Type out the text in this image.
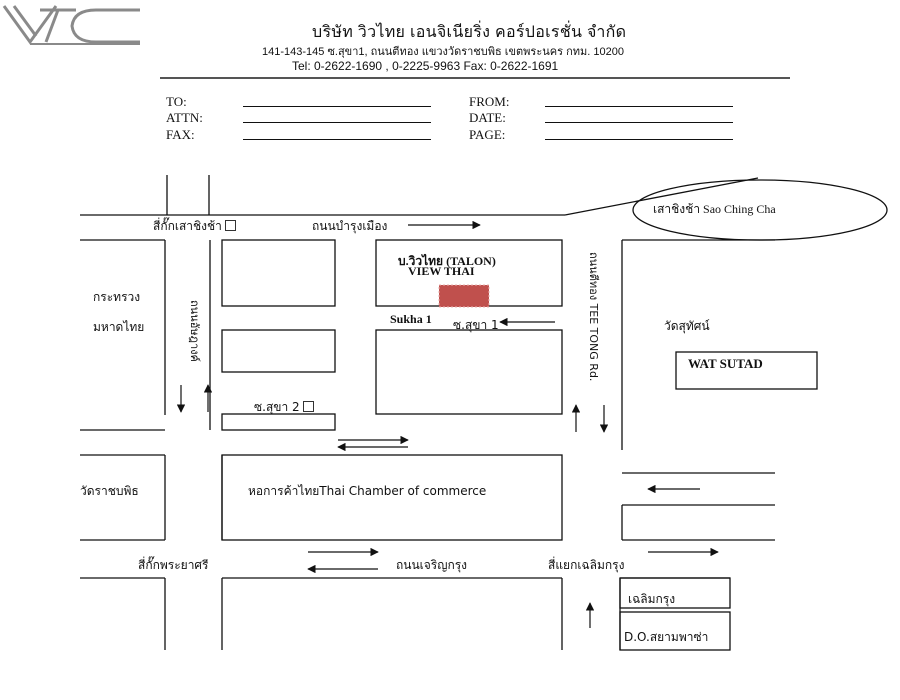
บริษัท วิวไทย เอนจิเนียริ่ง คอร์ปอเรชั่น จำกัด
141-143-145 ซ.สุขา1, ถนนตีทอง แขวงวัดราชบพิธ เขตพระนคร กทม. 10200
Tel: 0-2622-1690 , 0-2225-9963 Fax: 0-2622-1691
TO:
ATTN:
FAX:
FROM:
DATE:
PAGE:
เสาชิงช้า Sao Ching Cha
สี่กั๊กเสาชิงช้า	ถนนบำรุงเมือง
บ.วิวไทย (TALON)
VIEW THAI
Sukha 1 ซ.สุขา 1	ถนนตีทอง TEE TONG Rd.
ถนนอัษฎางค์
กระทรวง
มหาดไทย
ซ.สุขา 2
วัดสุทัศน์
WAT SUTAD
วัดราชบพิธ	หอการค้าไทยThai Chamber of commerce
สี่กั๊กพระยาศรี	ถนนเจริญกรุง	สี่แยกเฉลิมกรุง
เฉลิมกรุง
D.O.สยามพาซ่า
